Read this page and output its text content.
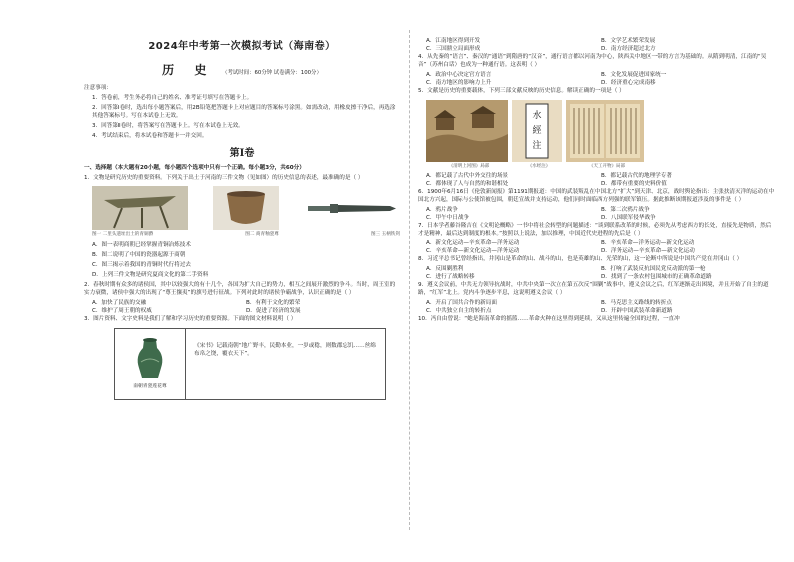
2024年中考第一次模拟考试（海南卷）
历 史 （考试时间：60分钟 试卷满分：100分）
注意事项：
1．答卷前，考生务必将自己的姓名、准考证号填写在答题卡上。
2．回答第Ⅰ卷时，选出每小题答案后，用2B铅笔把答题卡上对应题目的答案标号涂黑。如需改动，用橡皮擦干净后，再选涂其他答案标号。写在本试卷上无效。
3．回答第Ⅱ卷时，将答案写在答题卡上。写在本试卷上无效。
4．考试结束后，将本试卷和答题卡一并交回。
第Ⅰ卷
一、选择题（本大题有20小题，每小题四个选项中只有一个正确。每小题3分，共60分）
1．文物是研究历史的重要资料。下列关于出土于河南的三件文物（见如图）的历史信息的表述，最准确的是（ ）
图一 二里头遗址出土的青铜爵	图二 商青釉瓷尊	图三 玉柄铁剑
A．图一表明商朝已经掌握青铜冶炼技术
B．图二说明了中国的瓷器起源于商朝
C．图三揭示着我国的青铜时代行将过去
D．上列三件文物是研究夏商文化的第二手资料
2．春秋时期有众多的诸侯国，其中以较强大的有十几个，各国为扩大自己的势力，相互之间展开激烈的争斗。当时，周王室的实力衰微，诸侯中强大的出现了“尊王攘夷”的旗号进行征战。下列对此时的诸侯争霸战争，认识正确的是（ ）
A．加快了民族的交融	B．有利于文化的繁荣
C．维护了周王朝的权威	D．促进了经济的发展
3．图片资料、文字史料是我们了解和学习历史的重要资源。下面的图文材料说明（ ）
南朝青瓷莲花尊
《宋书》记载南朝“地广野丰，民勤本业，一岁或稔，则数郡忘饥……丝绵布帛之饶，覆衣天下”。
A．江南地区得到开发	B．文学艺术繁荣发展
C．三国鼎立局面形成	D．南方经济超过北方
4．从先秦的“语言”、秦汉的“通语”到隋唐的“汉音”，通行语言都以河南为中心，陕西关中地区一带的方言为基础的。从隋到明清，江南的“吴音”（苏州白话）也成为一种通行语。这表明（ ）
A．政治中心决定官方语言	B．文化发展促进国家统一
C．南方地区的影响力上升	D．经济重心完成南移
5．文献是历史的重要载体，下列三部文献反映的历史信息。解读正确的一项是（ ）
水
經
注
《清明上河图》局部	《水经注》	《天工开物》局部
A．都记载了古代中外交往的场景	B．都记载古代的地理学专著
C．都体现了人与自然的和谐相处	D．都带有重要的史料价值
6．1900年6月16日《伦敦新闻报》第1191期报道：中国的武装叛乱在中国北方“扩大”到天津、北京，战时舆论指出：主张扶清灭洋的运动在中国北方兴起，国际与公使馆被包围，朝廷宣战并支持运动，他们同时面临西方列强的联军镇压。据此推断该期报道涉及的事件是（ ）
A．鸦片战争	B．第二次鸦片战争
C．甲午中日战争	D．八国联军侵华战争
7．日本学者藤谷隆吉在《文明论概略》一书中将社会转型的问题描述：“谈到联系改革的时候，必须先从考虑西方的长处，直接先是物质，然后才是精神，最后达到制度的根本。”按照以上说法，加以推理，中国近代史进程的先后是（ ）
A．新文化运动—辛亥革命—洋务运动	B．辛亥革命—洋务运动—新文化运动
C．辛亥革命—新文化运动—洋务运动	D．洋务运动—辛亥革命—新文化运动
8．习近平总书记曾经指出，井冈山是革命的山、战斗的山，也是英雄的山、光荣的山，这一论断中所说是中国共产党在井冈山（ ）
A．反围剿胜利	B．打响了武装反抗国民党反动派的第一枪
C．进行了战略转移	D．找到了一条农村包围城市的正确革命道路
9．遵义会议前，中共无力领导抗战时，中共中央第一次立在第五次反“围剿”战事中，遵义会议之后，红军逐渐走出困境，并且开始了自主的道路，“红军”北上。党内斗争逐步平息，这说明遵义会议（ ）
A．开启了国共合作的新局面	B．马克思主义路线的转折点
C．中共独立自主的转折点	D．开辟中国武装革命新道路
10．冯自由曾说：“她是海南革命的摇篮……革命火种在这里得到延续，又从这里传遍全国的过程，一直冲
